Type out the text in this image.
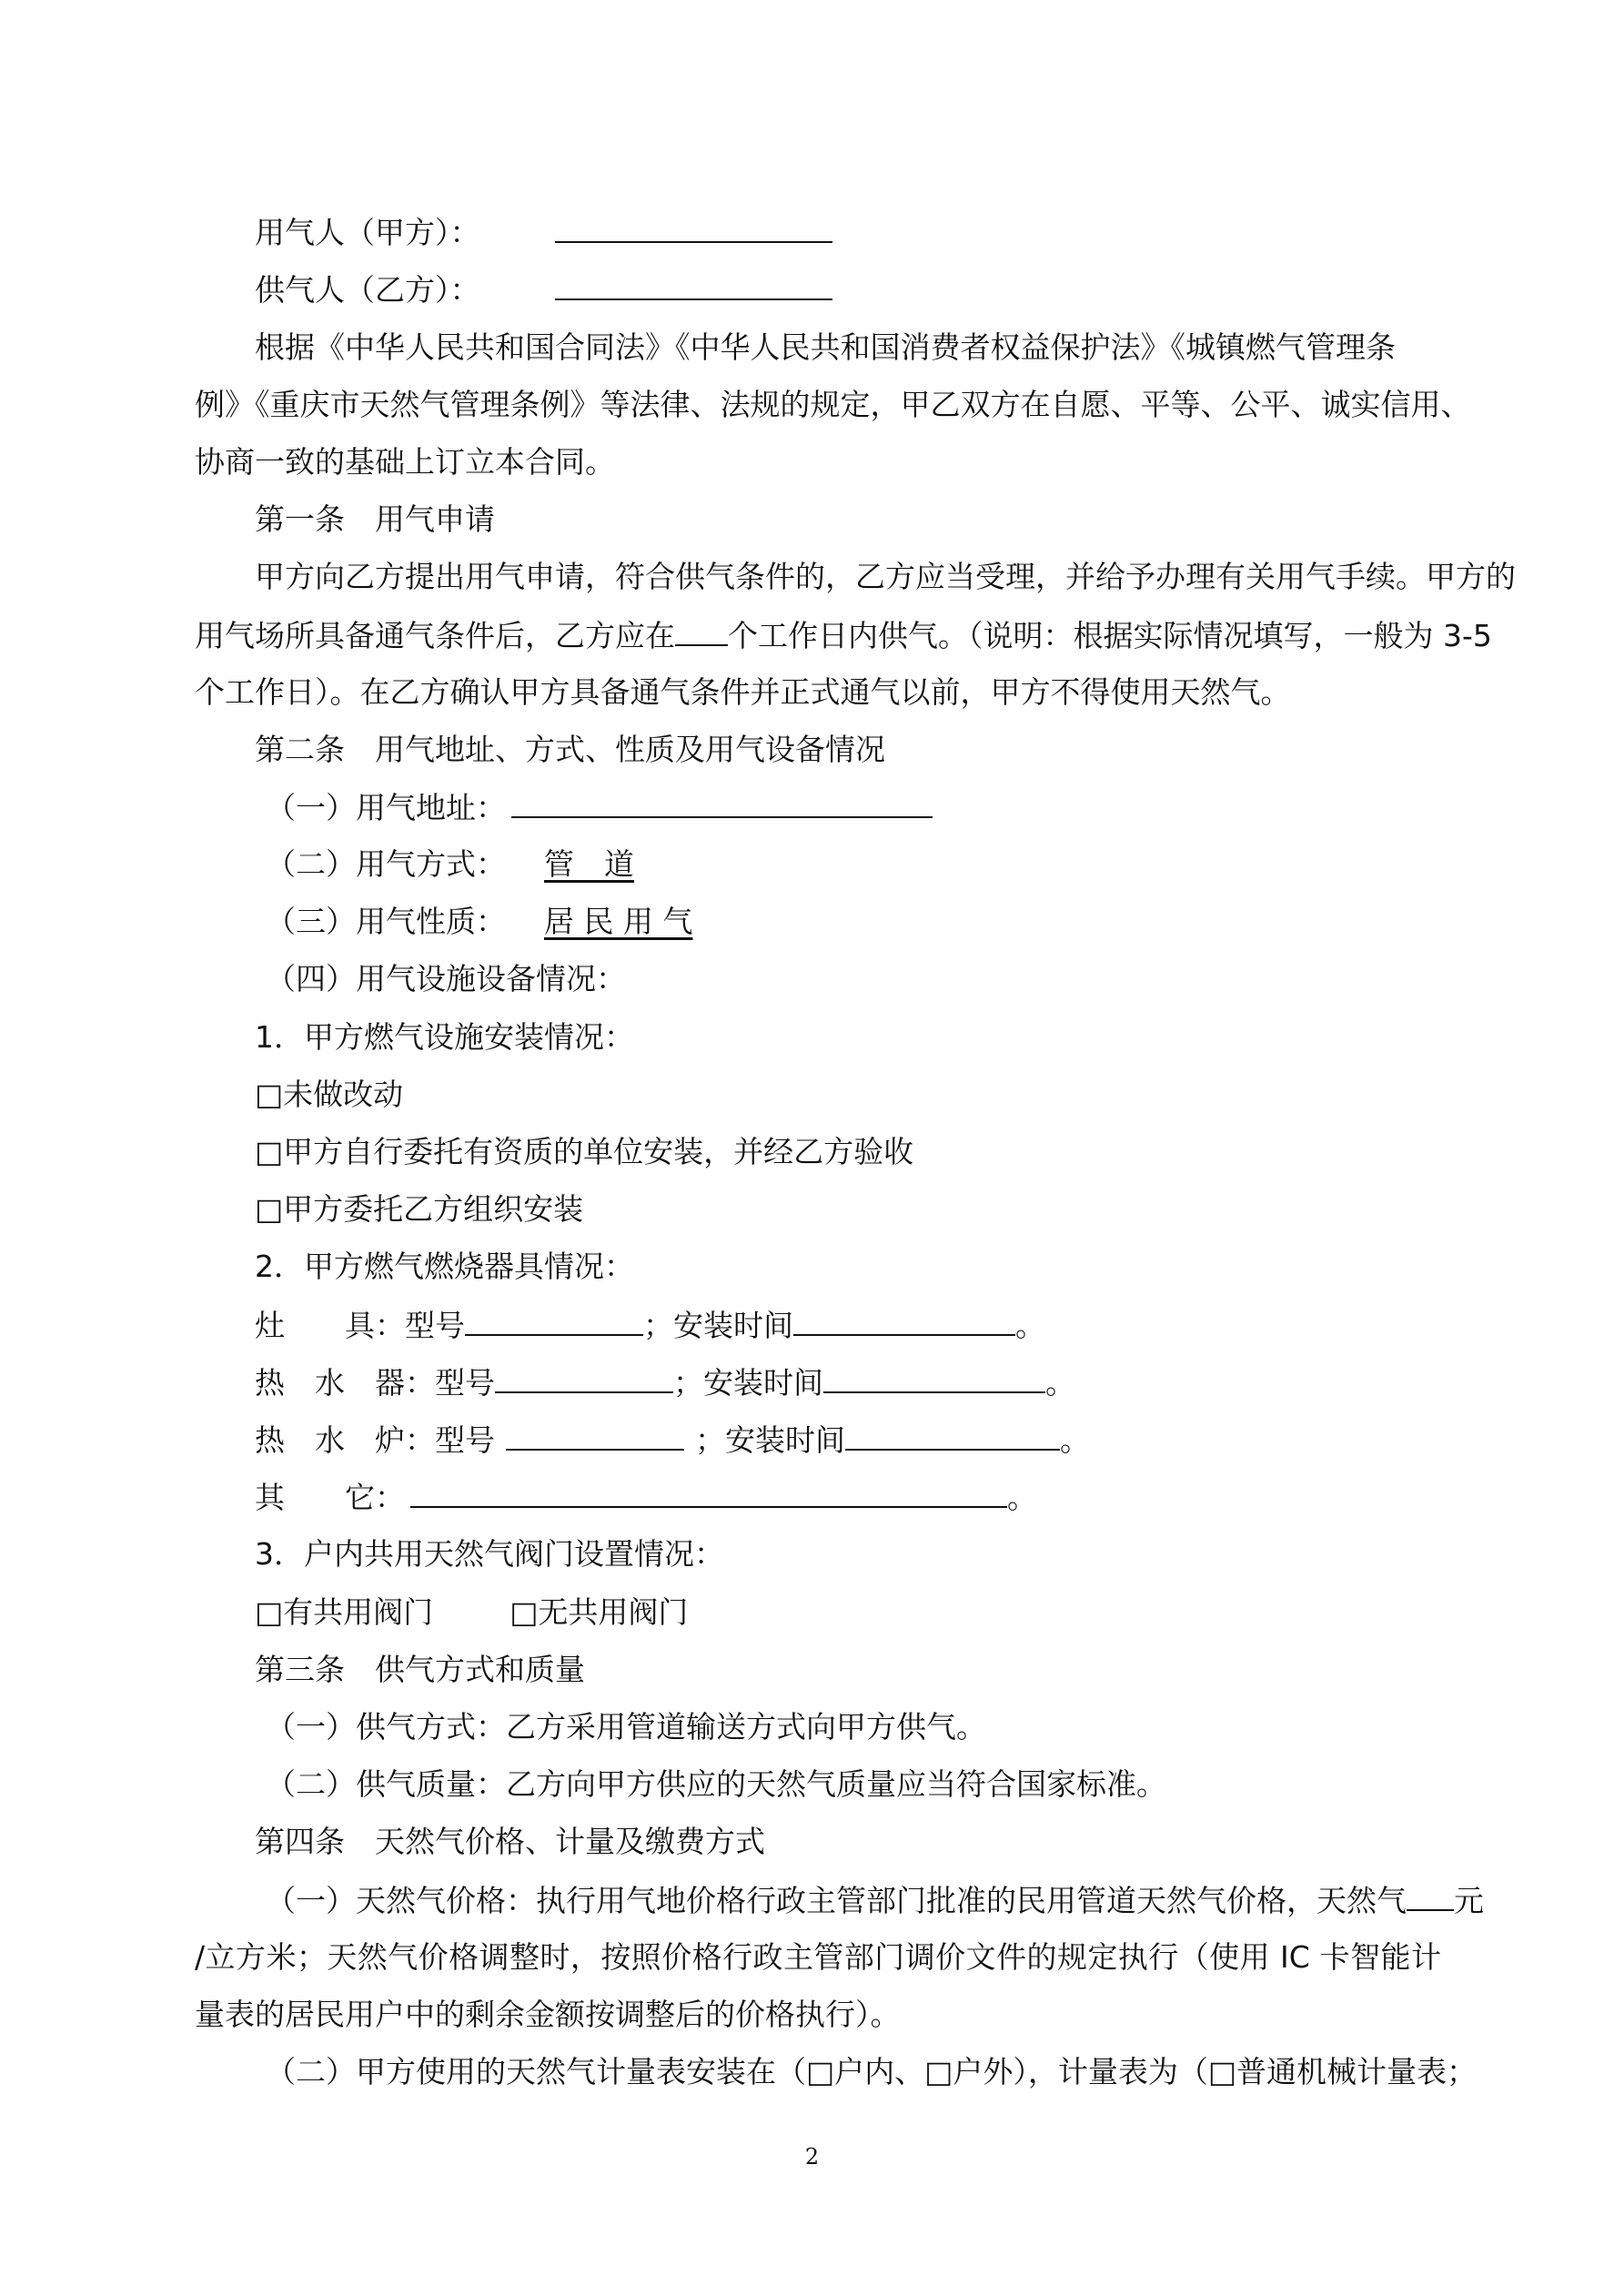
用气人（甲方）：
供气人（乙方）：
根据《中华人民共和国合同法》《中华人民共和国消费者权益保护法》《城镇燃气管理条
例》《重庆市天然气管理条例》等法律、法规的规定，甲乙双方在自愿、平等、公平、诚实信用、
协商一致的基础上订立本合同。
第一条　用气申请
甲方向乙方提出用气申请，符合供气条件的，乙方应当受理，并给予办理有关用气手续。甲方的
用气场所具备通气条件后，乙方应在 个工作日内供气。（说明：根据实际情况填写，一般为 3-5
个工作日）。在乙方确认甲方具备通气条件并正式通气以前，甲方不得使用天然气。
第二条　用气地址、方式、性质及用气设备情况
（一）用气地址：
（二）用气方式： 管　道
（三）用气性质： 居 民 用 气
（四）用气设施设备情况：
1．甲方燃气设施安装情况：
□未做改动
□甲方自行委托有资质的单位安装，并经乙方验收
□甲方委托乙方组织安装
2．甲方燃气燃烧器具情况：
灶　　具：型号	；安装时间	。
热　水　器：型号	；安装时间	。
热　水　炉：型号	；安装时间	。
其　　它：	。
3．户内共用天然气阀门设置情况：
□有共用阀门	□无共用阀门
第三条　供气方式和质量
（一）供气方式：乙方采用管道输送方式向甲方供气。
（二）供气质量：乙方向甲方供应的天然气质量应当符合国家标准。
第四条　天然气价格、计量及缴费方式
（一）天然气价格：执行用气地价格行政主管部门批准的民用管道天然气价格，天然气 元
/立方米；天然气价格调整时，按照价格行政主管部门调价文件的规定执行（使用 IC 卡智能计
量表的居民用户中的剩余金额按调整后的价格执行）。
（二）甲方使用的天然气计量表安装在（□户内、□户外），计量表为（□普通机械计量表；
2
